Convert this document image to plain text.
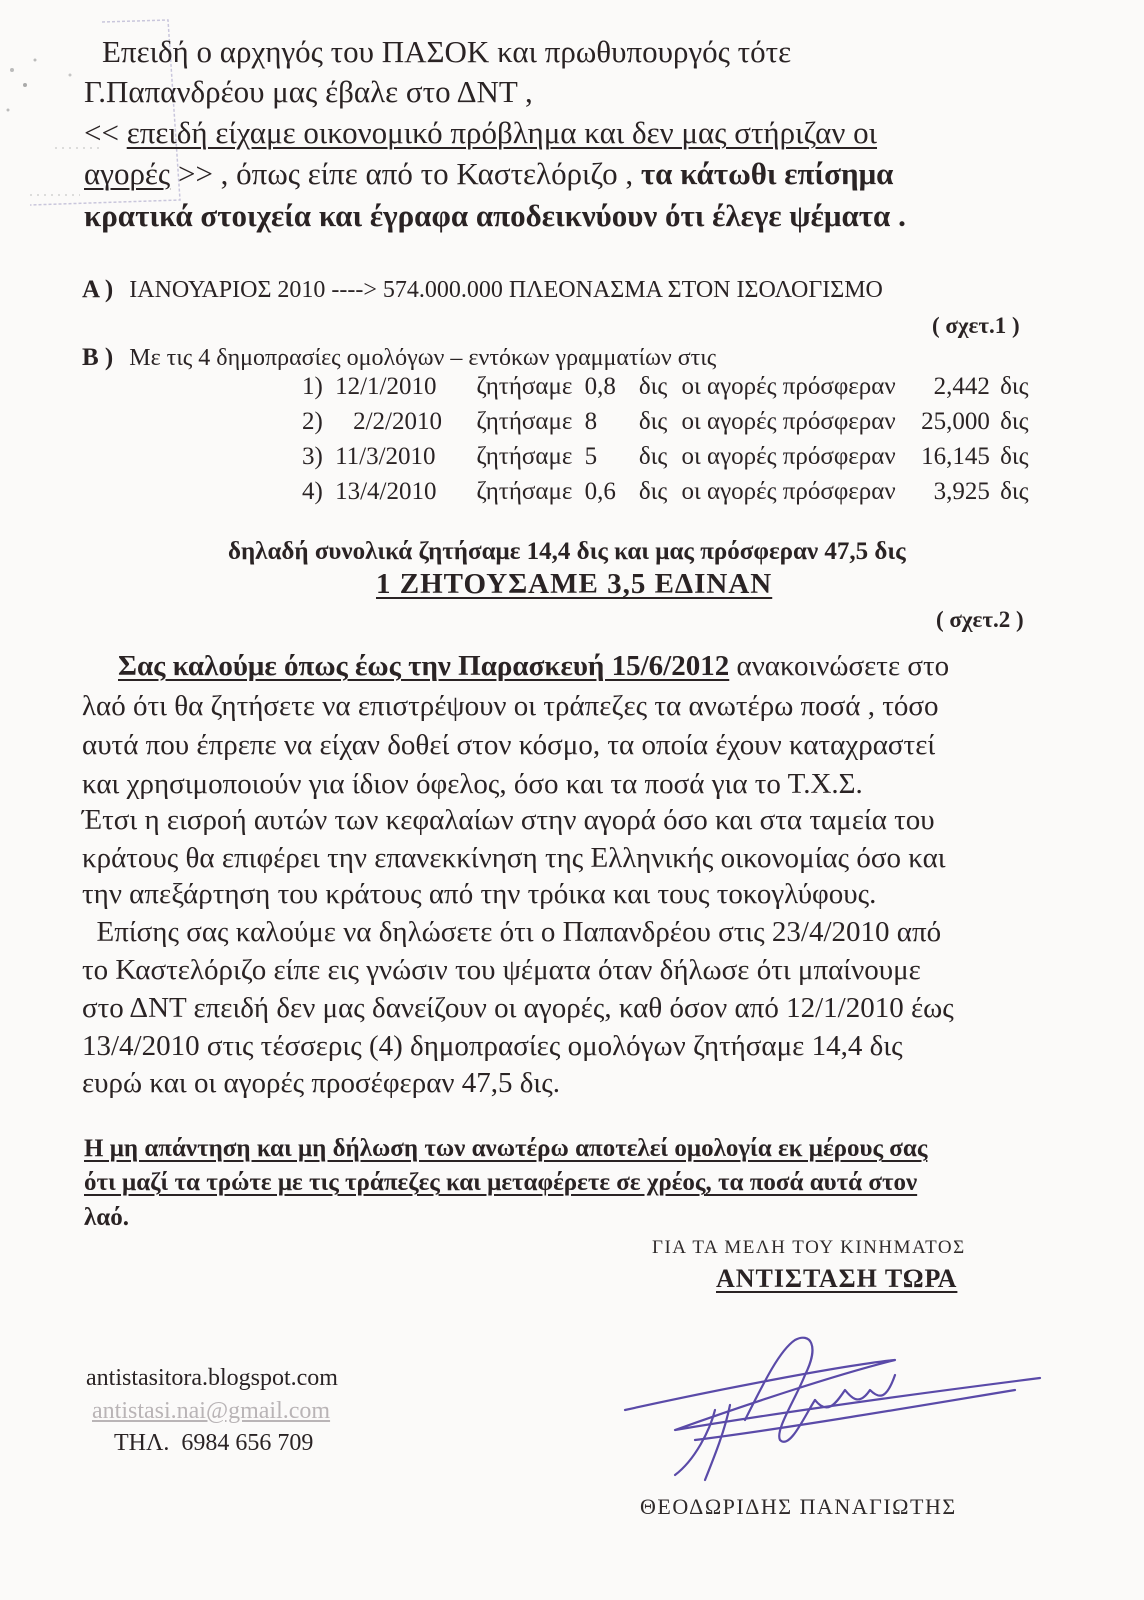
Επειδή ο αρχηγός του ΠΑΣΟΚ και πρωθυπουργός τότε
Γ.Παπανδρέου μας έβαλε στο ΔΝΤ ,
<< επειδή είχαμε οικονομικό πρόβλημα και δεν μας στήριζαν οι
αγορές >> , όπως είπε από το Καστελόριζο , τα κάτωθι επίσημα
κρατικά στοιχεία και έγραφα αποδεικνύουν ότι έλεγε ψέματα .
Α ) ΙΑΝΟΥΑΡΙΟΣ 2010 ----> 574.000.000 ΠΛΕΟΝΑΣΜΑ ΣΤΟΝ ΙΣΟΛΟΓΙΣΜΟ
( σχετ.1 )
Β ) Με τις 4 δημοπρασίες ομολόγων – εντόκων γραμματίων στις
1) 12/1/2010 ζητήσαμε 0,8 δις οι αγορές πρόσφεραν 2,442 δις
2) 2/2/2010 ζητήσαμε 8 δις οι αγορές πρόσφεραν 25,000 δις
3) 11/3/2010 ζητήσαμε 5 δις οι αγορές πρόσφεραν 16,145 δις
4) 13/4/2010 ζητήσαμε 0,6 δις οι αγορές πρόσφεραν 3,925 δις
δηλαδή συνολικά ζητήσαμε 14,4 δις και μας πρόσφεραν 47,5 δις
1 ΖΗΤΟΥΣΑΜΕ 3,5 ΕΔΙΝΑΝ
( σχετ.2 )
Σας καλούμε όπως έως την Παρασκευή 15/6/2012 ανακοινώσετε στο
λαό ότι θα ζητήσετε να επιστρέψουν οι τράπεζες τα ανωτέρω ποσά , τόσο
αυτά που έπρεπε να είχαν δοθεί στον κόσμο, τα οποία έχουν καταχραστεί
και χρησιμοποιούν για ίδιον όφελος, όσο και τα ποσά για το Τ.Χ.Σ.
Έτσι η εισροή αυτών των κεφαλαίων στην αγορά όσο και στα ταμεία του
κράτους θα επιφέρει την επανεκκίνηση της Ελληνικής οικονομίας όσο και
την απεξάρτηση του κράτους από την τρόικα και τους τοκογλύφους.
Επίσης σας καλούμε να δηλώσετε ότι ο Παπανδρέου στις 23/4/2010 από
το Καστελόριζο είπε εις γνώσιν του ψέματα όταν δήλωσε ότι μπαίνουμε
στο ΔΝΤ επειδή δεν μας δανείζουν οι αγορές, καθ όσον από 12/1/2010 έως
13/4/2010 στις τέσσερις (4) δημοπρασίες ομολόγων ζητήσαμε 14,4 δις
ευρώ και οι αγορές προσέφεραν 47,5 δις.
Η μη απάντηση και μη δήλωση των ανωτέρω αποτελεί ομολογία εκ μέρους σας
ότι μαζί τα τρώτε με τις τράπεζες και μεταφέρετε σε χρέος, τα ποσά αυτά στον
λαό.
ΓΙΑ ΤΑ ΜΕΛΗ ΤΟΥ ΚΙΝΗΜΑΤΟΣ
ΑΝΤΙΣΤΑΣΗ ΤΩΡΑ
ΘΕΟΔΩΡΙΔΗΣ ΠΑΝΑΓΙΩΤΗΣ
antistasitora.blogspot.com
antistasi.nai@gmail.com
ΤΗΛ.  6984 656 709
